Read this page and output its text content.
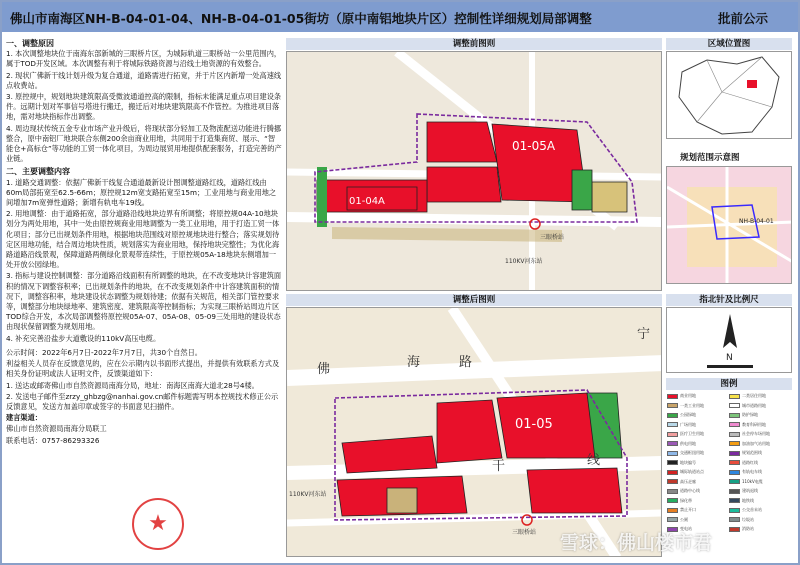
佛山市南海区NH-B-04-01-04、NH-B-04-01-05街坊（原中南铝地块片区）控制性详细规划局部调整	批前公示
一、调整原因

1. 本次调整地块位于南海东部新城的三眼桥片区，为城际轨道三眼桥站一公里范围内，属于TOD开发区域。本次调整有利于将城际铁路资源与沿线土地资源的有效整合。

2. 现状广佛新干线计划升级为复合通道，道路需进行拓宽，并于片区内新增一处高速线点收费站。

3. 原控规中，规划地块建筑限高受微波通道控高的限制，指标未能满足重点项目建设条件。远期计划对军事信号塔进行搬迁，搬迁后对地块建筑限高不作管控。为推进项目落地，需对地块指标作出调整。

4. 周边现状传统五金专业市场产业升级后，将现状部分轻加工及物流配送功能进行腾挪整合，原中南铝厂地块联合东侧200余亩商业用地，共同用于打造集商贸、展示、“智能仓+高标仓”等功能的工贸一体化项目，为周边展贸用地提供配套服务，打造完善的产业链。

二、主要调整内容

1. 道路交通调整：依据广佛新干线复合通道最新设计图调整道路红线，道路红线由60m局部拓宽至62.5-66m；原控规12m宽支路拓宽至15m；工业用地与商业用地之间增加7m宽弹性道路；新增有轨电车19线。

2. 用地调整：由于道路拓宽，部分道路沿线地块边界有所调整；将原控规04A-10地块划分为两处用地，其中一处由原控规商业用地调整为一类工业用地，用于打造工贸一体化项目；部分已出规划条件用地，根据地块范围线对原控规地块进行整合；落实规划待定区用地功能，结合周边地块性质，规划落实为商业用地，保持地块完整性；为优化海路道路沿线景观，保障道路两侧绿化景观带连续性，于原控规05A-18地块东侧增加一处开放公园绿地。

3. 指标与建设控制调整：部分道路沿线面积有所调整的地块，在不改变地块计容建筑面积的情况下调整容积率；已出规划条件的地块，在不改变规划条件中计容建筑面积的情况下，调整容积率，地块建设状态调整为规划待建；依据有关规范，相关部门管控要求等，调整部分地块绿地率、建筑密度、建筑限高等控制指标；为实现三眼桥站周边片区TOD综合开发，本次局部调整将原控规05A-07、05A-08、05-09三处用地的建设状态由现状保留调整为规划用地。

4. 补充完善沿盐步大道敷设的110kV高压电缆。

公示时间：2022年6月7日-2022年7月7日，共30个自然日。

利益相关人员存在反馈意见的，应在公示期内以书面形式提出，并提供有效联系方式及相关身份证明或法人证明文件，反馈渠道如下：

1. 送达或邮寄佛山市自然资源局南海分局，地址：南海区南海大道北28号4楼。

2. 发送电子邮件至zrzy_ghbzg@nanhai.gov.cn邮件标题需写明本控规技术修正公示反馈意见，发送方加盖印章或签字的书面意见扫描件。

建言渠道：

佛山市自然资源局南海分局联工

联系电话：0757-86293326

★
调整前图则
三眼桥站
110KV河东站
01-05A
01-04A
调整后图则
三眼桥站
110KV河东站
01-05
佛	海
干	线
路
宁
区域位置图
规划范围示意图
NH-B-04-01
指北针及比例尺
N
图例
商业用地	二类居住用地
一类工业用地	城市道路用地
公园绿地	防护绿地
广场用地	教育科研用地
医疗卫生用地	社会停车场用地
供电用地	加油加气站用地
交通枢纽用地	规划范围线
地块编号	道路红线
城际轨道站点	有轨电车线
高压走廊	110kV电缆
道路中心线	建筑退线
绿化带	地铁线
禁止开口	公交首末站
公厕	垃圾站
变电站	消防站
雪球：佛山楼市君
